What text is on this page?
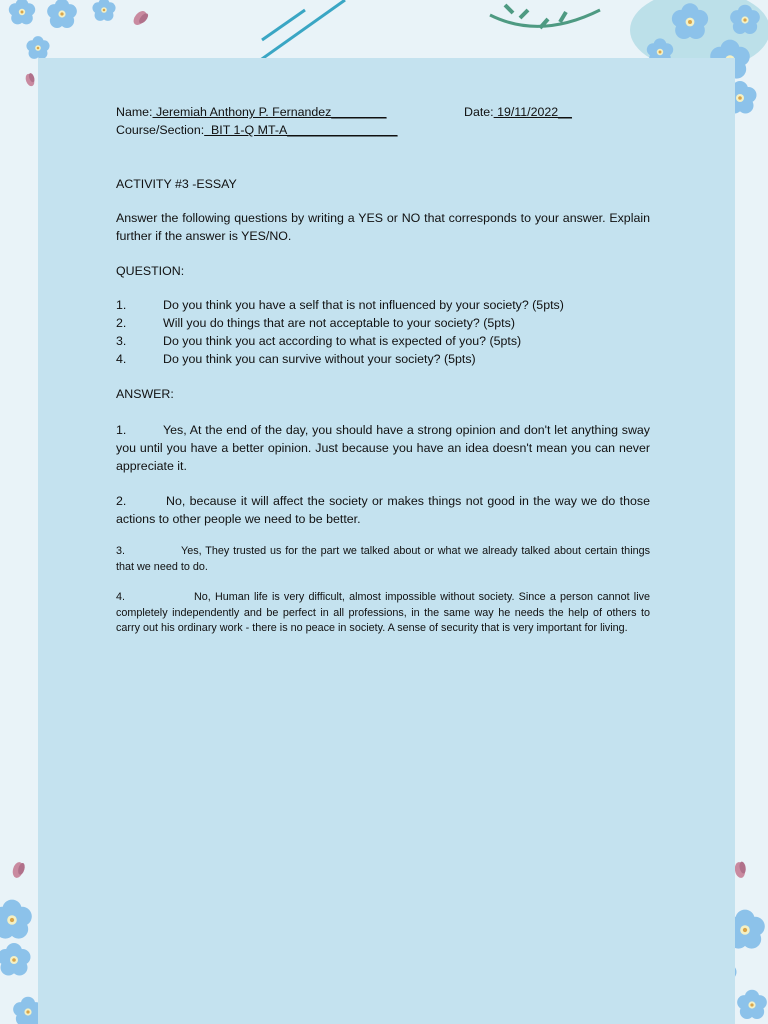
Name: Jeremiah Anthony P. Fernandez________	Date: 19/11/2022__
Course/Section: BIT 1-Q MT-A________________

ACTIVITY #3 -ESSAY

Answer the following questions by writing a YES or NO that corresponds to your answer. Explain further if the answer is YES/NO.

QUESTION:

1.	Do you think you have a self that is not influenced by your society? (5pts)
2.	Will you do things that are not acceptable to your society? (5pts)
3.	Do you think you act according to what is expected of you? (5pts)
4.	Do you think you can survive without your society? (5pts)

ANSWER:

1.	Yes, At the end of the day, you should have a strong opinion and don't let anything sway you until you have a better opinion. Just because you have an idea doesn't mean you can never appreciate it.

2.	No, because it will affect the society or makes things not good in the way we do those actions to other people we need to be better.

3.	Yes, They trusted us for the part we talked about or what we already talked about certain things that we need to do.

4.	No, Human life is very difficult, almost impossible without society. Since a person cannot live completely independently and be perfect in all professions, in the same way he needs the help of others to carry out his ordinary work - there is no peace in society. A sense of security that is very important for living.
